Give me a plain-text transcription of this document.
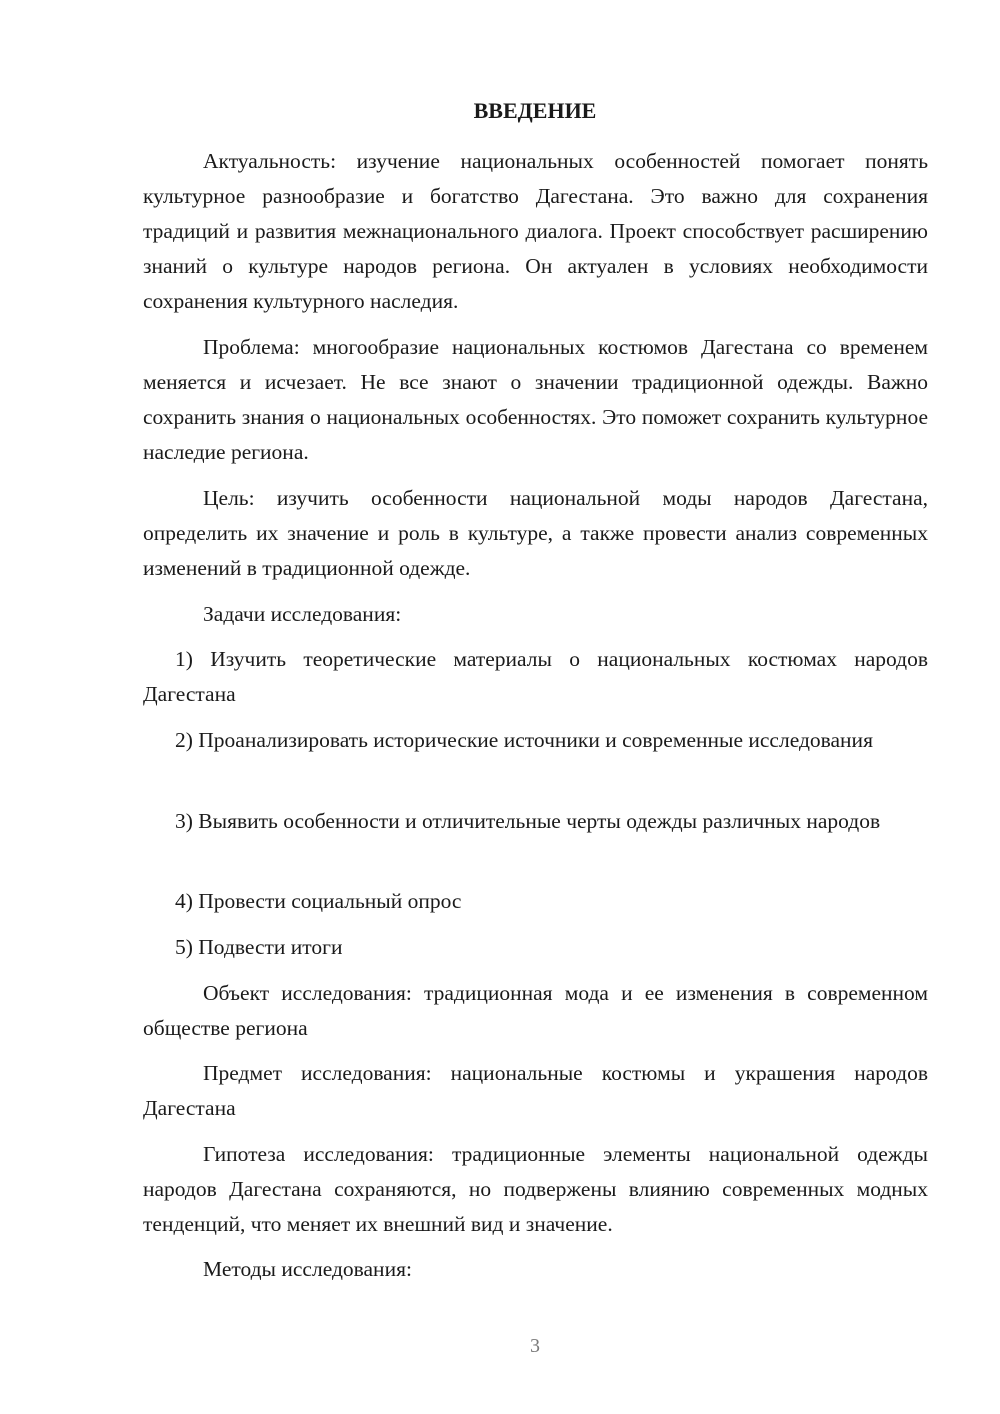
ВВЕДЕНИЕ

Актуальность: изучение национальных особенностей помогает понять культурное разнообразие и богатство Дагестана. Это важно для сохранения традиций и развития межнационального диалога. Проект способствует расширению знаний о культуре народов региона. Он актуален в условиях необходимости сохранения культурного наследия.

Проблема: многообразие национальных костюмов Дагестана со временем меняется и исчезает. Не все знают о значении традиционной одежды. Важно сохранить знания о национальных особенностях. Это поможет сохранить культурное наследие региона.

Цель: изучить особенности национальной моды народов Дагестана, определить их значение и роль в культуре, а также провести анализ современных изменений в традиционной одежде.

Задачи исследования:

1) Изучить теоретические материалы о национальных костюмах народов Дагестана

2) Проанализировать исторические источники и современные исследования

3) Выявить особенности и отличительные черты одежды различных народов

4) Провести социальный опрос

5) Подвести итоги

Объект исследования: традиционная мода и ее изменения в современном обществе региона

Предмет исследования: национальные костюмы и украшения народов Дагестана

Гипотеза исследования: традиционные элементы национальной одежды народов Дагестана сохраняются, но подвержены влиянию современных модных тенденций, что меняет их внешний вид и значение.

Методы исследования:

3
